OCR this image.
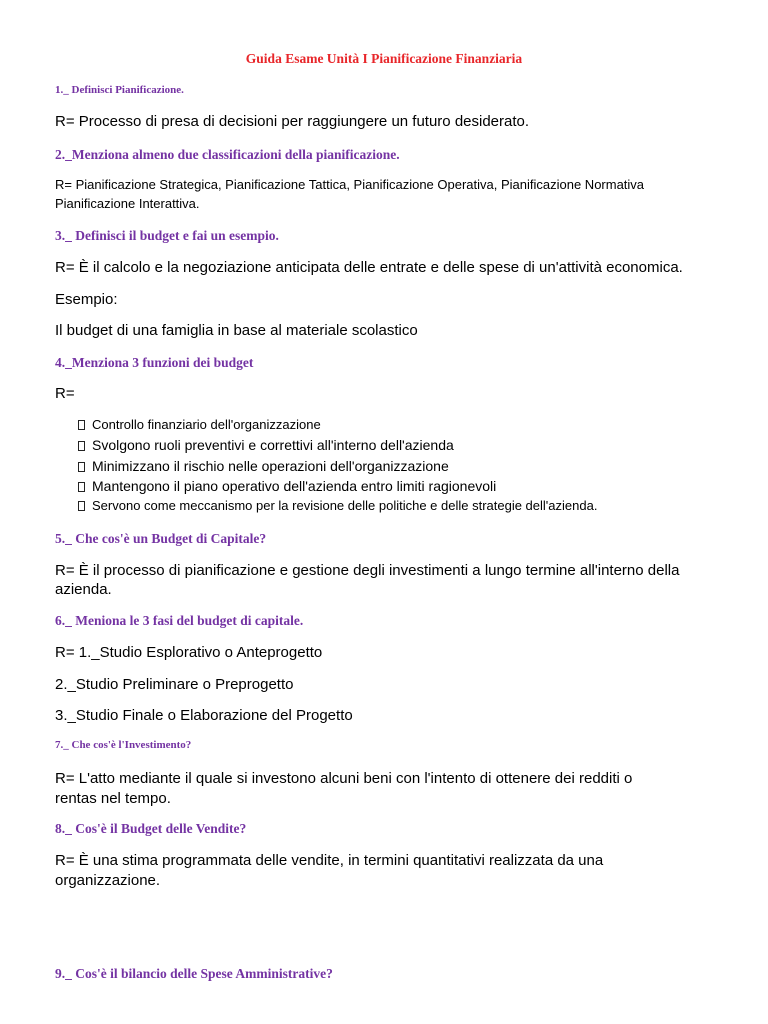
Guida Esame Unità I Pianificazione Finanziaria
1._ Definisci Pianificazione.
R= Processo di presa di decisioni per raggiungere un futuro desiderato.
2._Menziona almeno due classificazioni della pianificazione.
R= Pianificazione Strategica, Pianificazione Tattica, Pianificazione Operativa, Pianificazione Normativa
Pianificazione Interattiva.
3._ Definisci il budget e fai un esempio.
R= È il calcolo e la negoziazione anticipata delle entrate e delle spese di un'attività economica.
Esempio:
Il budget di una famiglia in base al materiale scolastico
4._Menziona 3 funzioni dei budget
R=
Controllo finanziario dell'organizzazione
Svolgono ruoli preventivi e correttivi all'interno dell'azienda
Minimizzano il rischio nelle operazioni dell'organizzazione
Mantengono il piano operativo dell'azienda entro limiti ragionevoli
Servono come meccanismo per la revisione delle politiche e delle strategie dell'azienda.
5._ Che cos'è un Budget di Capitale?
R= È il processo di pianificazione e gestione degli investimenti a lungo termine all'interno della
azienda.
6._ Meniona le 3 fasi del budget di capitale.
R= 1._Studio Esplorativo o Anteprogetto
2._Studio Preliminare o Preprogetto
3._Studio Finale o Elaborazione del Progetto
7._ Che cos'è l'Investimento?
R= L'atto mediante il quale si investono alcuni beni con l'intento di ottenere dei redditi o
rentas nel tempo.
8._ Cos'è il Budget delle Vendite?
R= È una stima programmata delle vendite, in termini quantitativi realizzata da una
organizzazione.
9._ Cos'è il bilancio delle Spese Amministrative?
